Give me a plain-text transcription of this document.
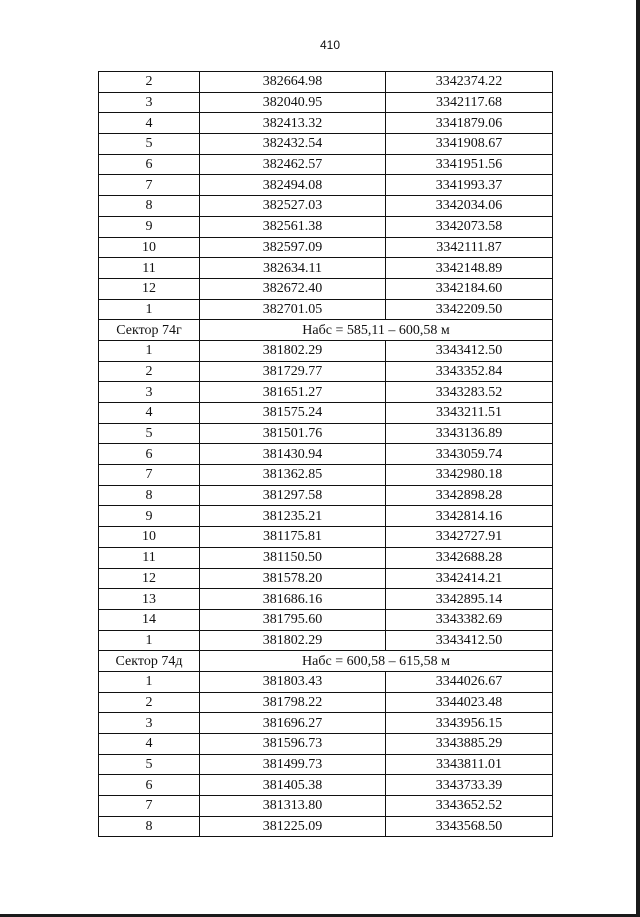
410
2	382664.98	3342374.22
3	382040.95	3342117.68
4	382413.32	3341879.06
5	382432.54	3341908.67
6	382462.57	3341951.56
7	382494.08	3341993.37
8	382527.03	3342034.06
9	382561.38	3342073.58
10	382597.09	3342111.87
11	382634.11	3342148.89
12	382672.40	3342184.60
1	382701.05	3342209.50
Сектор 74г	Набс = 585,11 – 600,58 м	
1	381802.29	3343412.50
2	381729.77	3343352.84
3	381651.27	3343283.52
4	381575.24	3343211.51
5	381501.76	3343136.89
6	381430.94	3343059.74
7	381362.85	3342980.18
8	381297.58	3342898.28
9	381235.21	3342814.16
10	381175.81	3342727.91
11	381150.50	3342688.28
12	381578.20	3342414.21
13	381686.16	3342895.14
14	381795.60	3343382.69
1	381802.29	3343412.50
Сектор 74д	Набс = 600,58 – 615,58 м	
1	381803.43	3344026.67
2	381798.22	3344023.48
3	381696.27	3343956.15
4	381596.73	3343885.29
5	381499.73	3343811.01
6	381405.38	3343733.39
7	381313.80	3343652.52
8	381225.09	3343568.50
